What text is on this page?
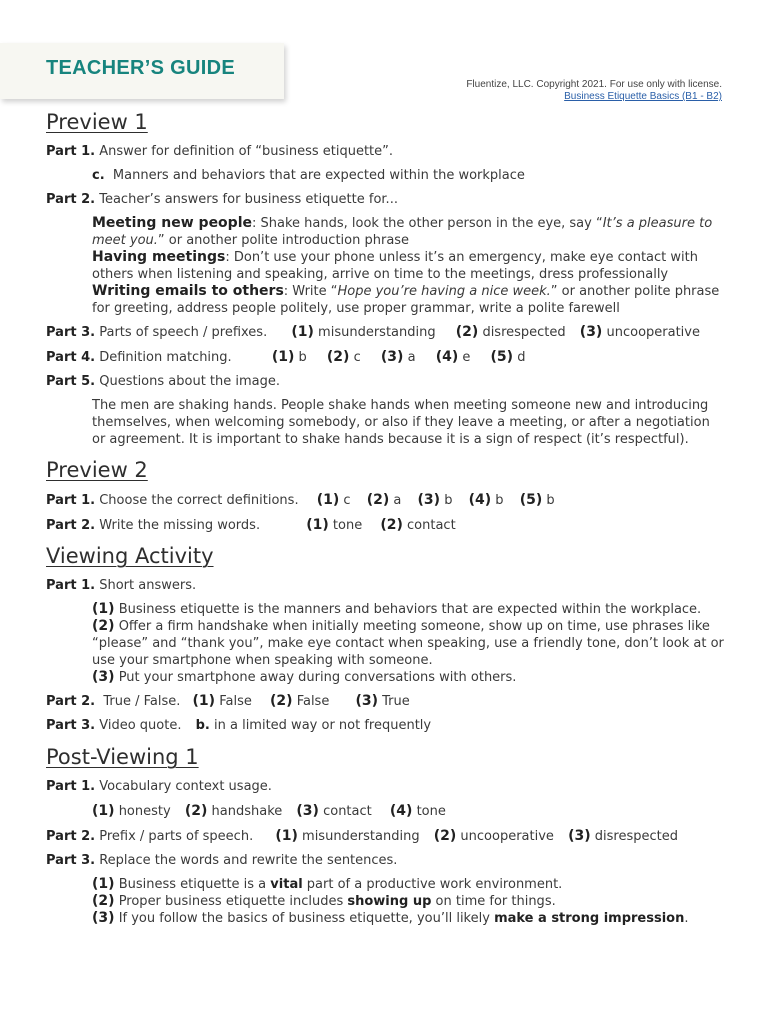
TEACHER’S GUIDE
Fluentize, LLC. Copyright 2021. For use only with license.
Business Etiquette Basics (B1 - B2)
Preview 1

Part 1. Answer for definition of “business etiquette”.

c. Manners and behaviors that are expected within the workplace

Part 2. Teacher’s answers for business etiquette for...

Meeting new people: Shake hands, look the other person in the eye, say “It’s a pleasure to meet you.” or another polite introduction phrase
Having meetings: Don’t use your phone unless it’s an emergency, make eye contact with others when listening and speaking, arrive on time to the meetings, dress professionally
Writing emails to others: Write “Hope you’re having a nice week.” or another polite phrase for greeting, address people politely, use proper grammar, write a polite farewell

Part 3. Parts of speech / prefixes. (1) misunderstanding (2) disrespected (3) uncooperative

Part 4. Definition matching.	(1) b (2) c (3) a (4) e (5) d

Part 5. Questions about the image.

The men are shaking hands. People shake hands when meeting someone new and introducing themselves, when welcoming somebody, or also if they leave a meeting, or after a negotiation or agreement. It is important to shake hands because it is a sign of respect (it’s respectful).
Preview 2

Part 1. Choose the correct definitions. (1) c (2) a (3) b (4) b (5) b

Part 2. Write the missing words.	(1) tone (2) contact

Viewing Activity

Part 1. Short answers.

(1) Business etiquette is the manners and behaviors that are expected within the workplace.
(2) Offer a firm handshake when initially meeting someone, show up on time, use phrases like “please” and “thank you”, make eye contact when speaking, use a friendly tone, don’t look at or use your smartphone when speaking with someone.
(3) Put your smartphone away during conversations with others.

Part 2. True / False. (1) False (2) False (3) True

Part 3. Video quote. b. in a limited way or not frequently

Post-Viewing 1

Part 1. Vocabulary context usage.

(1) honesty (2) handshake (3) contact (4) tone

Part 2. Prefix / parts of speech. (1) misunderstanding (2) uncooperative (3) disrespected

Part 3. Replace the words and rewrite the sentences.

(1) Business etiquette is a vital part of a productive work environment.
(2) Proper business etiquette includes showing up on time for things.
(3) If you follow the basics of business etiquette, you’ll likely make a strong impression.
